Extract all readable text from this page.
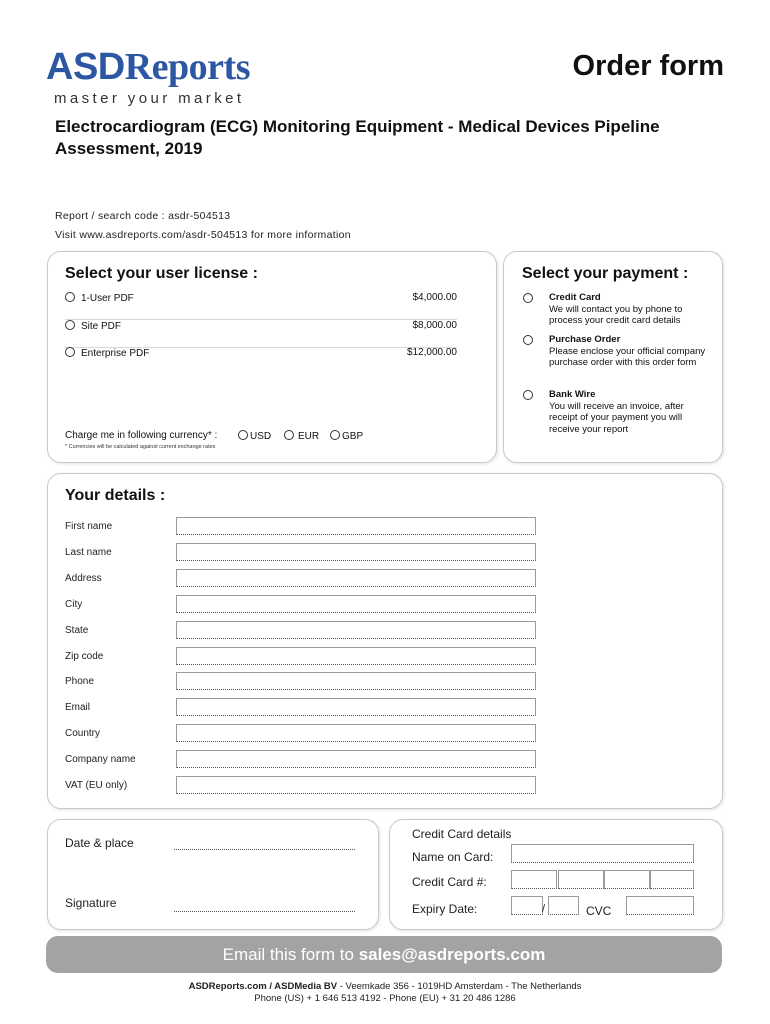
ASDReports
master your market
Order form
Electrocardiogram (ECG) Monitoring Equipment - Medical Devices Pipeline Assessment, 2019
Report / search code : asdr-504513
Visit www.asdreports.com/asdr-504513 for more information
Select your user license :
1-User PDF	$4,000.00
Site PDF	$8,000.00
Enterprise PDF	$12,000.00
Charge me in following currency* :	USD	EUR	GBP
* Currencies will be calculated against current exchange rates
Select your payment :
Credit Card
We will contact you by phone to process your credit card details
Purchase Order
Please enclose your official company purchase order with this order form
Bank Wire
You will receive an invoice, after receipt of your payment you will receive your report
Your details :
First name
Last name
Address
City
State
Zip code
Phone
Email
Country
Company name
VAT (EU only)
Date & place
Signature
Credit Card details
Name on Card:
Credit Card #:
Expiry Date:	/	CVC
Email this form to sales@asdreports.com
ASDReports.com / ASDMedia BV - Veemkade 356 - 1019HD Amsterdam - The Netherlands
Phone (US) + 1 646 513 4192 - Phone (EU) + 31 20 486 1286
